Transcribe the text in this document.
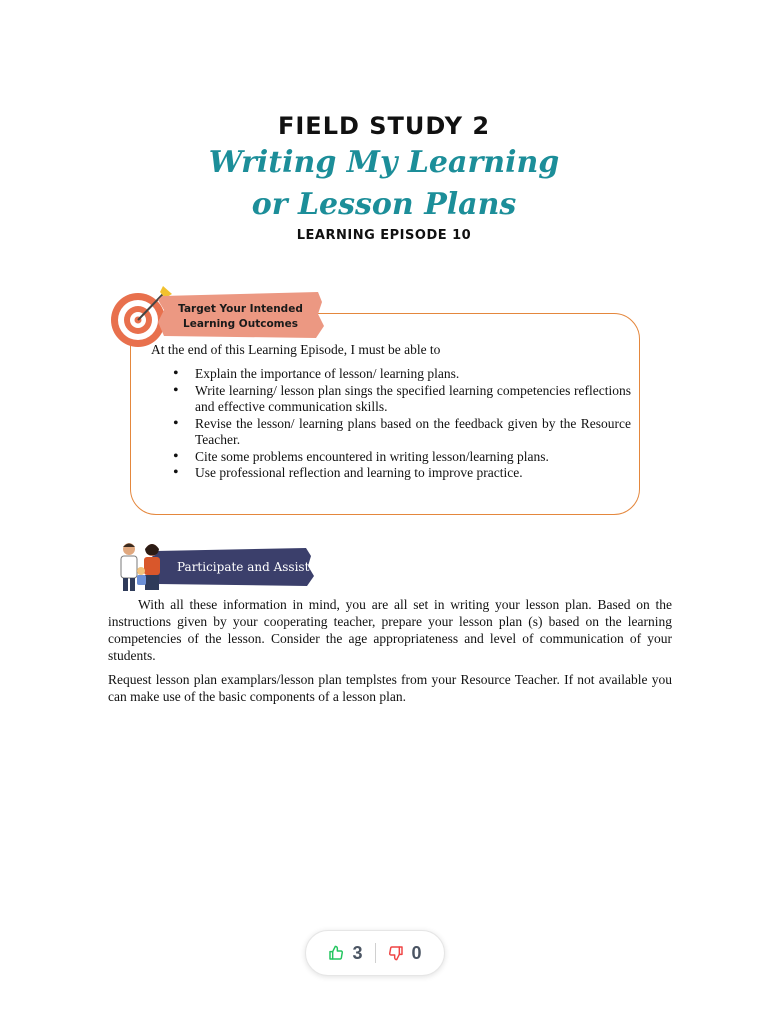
FIELD STUDY 2
Writing My Learning
or Lesson Plans
LEARNING EPISODE 10
Target Your Intended
Learning Outcomes
At the end of this Learning Episode, I must be able to
• Explain the importance of lesson/ learning plans.
• Write learning/ lesson plan sings the specified learning competencies reflections and effective communication skills.
• Revise the lesson/ learning plans based on the feedback given by the Resource Teacher.
• Cite some problems encountered in writing lesson/learning plans.
• Use professional reflection and learning to improve practice.
Participate and Assist

With all these information in mind, you are all set in writing your lesson plan. Based on the instructions given by your cooperating teacher, prepare your lesson plan (s) based on the learning competencies of the lesson. Consider the age appropriateness and level of communication of your students.

Request lesson plan examplars/lesson plan templstes from your Resource Teacher. If not available you can make use of the basic components of a lesson plan.

3	0
